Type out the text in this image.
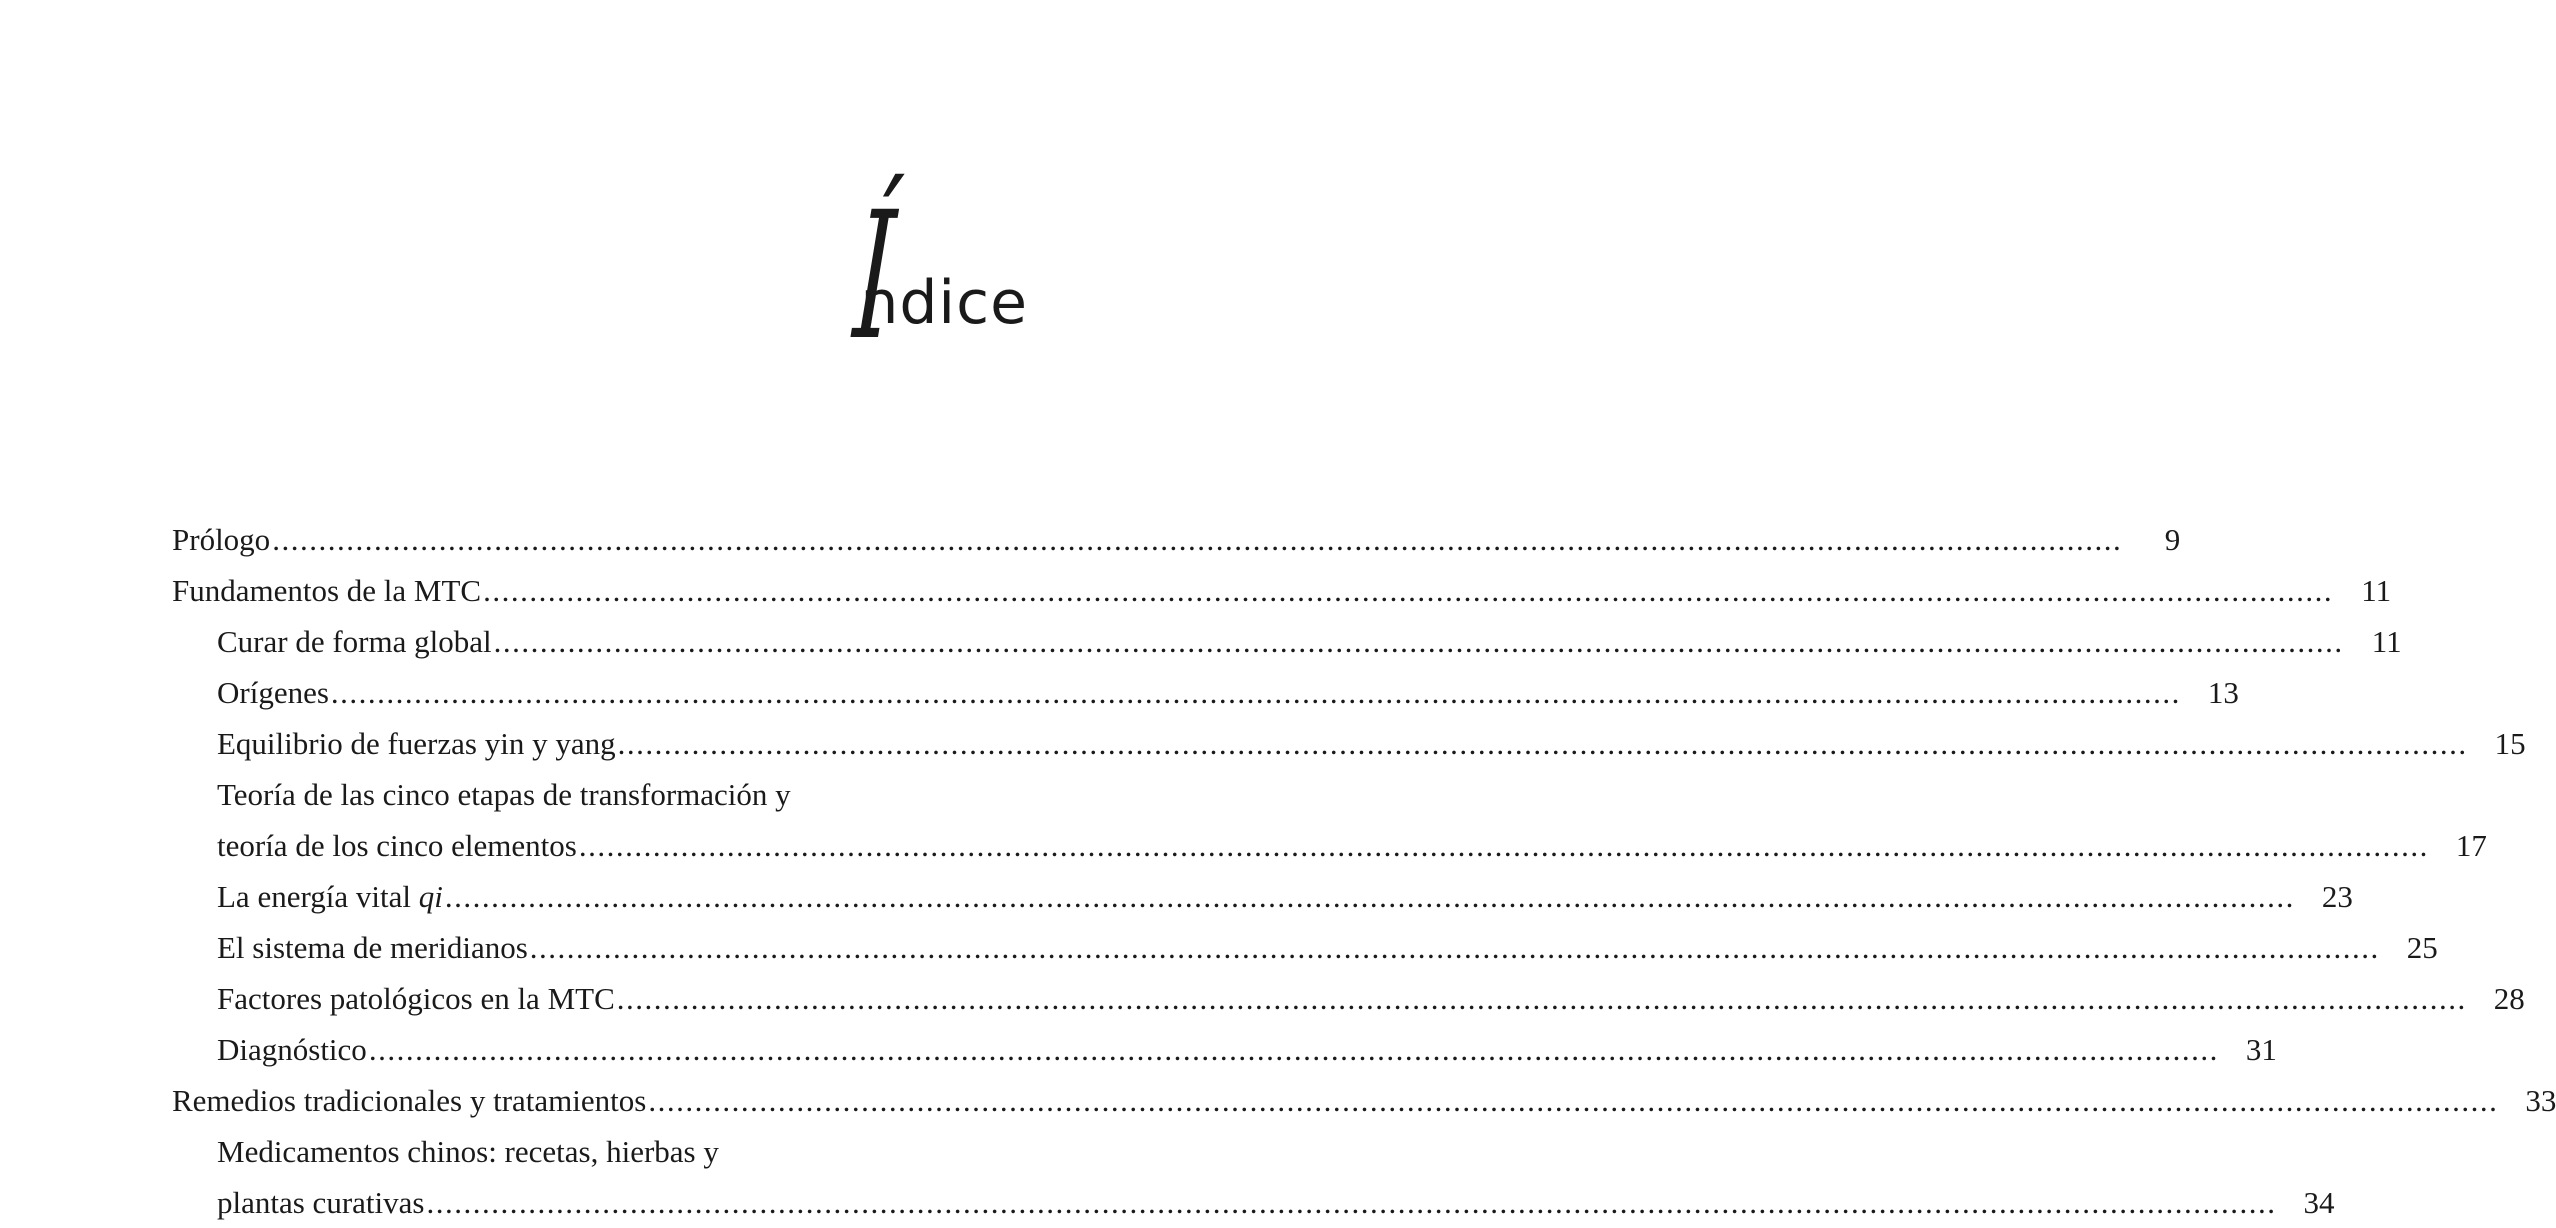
Índice
Prólogo .....	9
Fundamentos de la MTC .....	11
Curar de forma global .....	11
Orígenes .....	13
Equilibrio de fuerzas yin y yang .....	15
Teoría de las cinco etapas de transformación y
teoría de los cinco elementos .....	17
La energía vital qi .....	23
El sistema de meridianos .....	25
Factores patológicos en la MTC .....	28
Diagnóstico .....	31
Remedios tradicionales y tratamientos .....	33
Medicamentos chinos: recetas, hierbas y
plantas curativas .....	34
